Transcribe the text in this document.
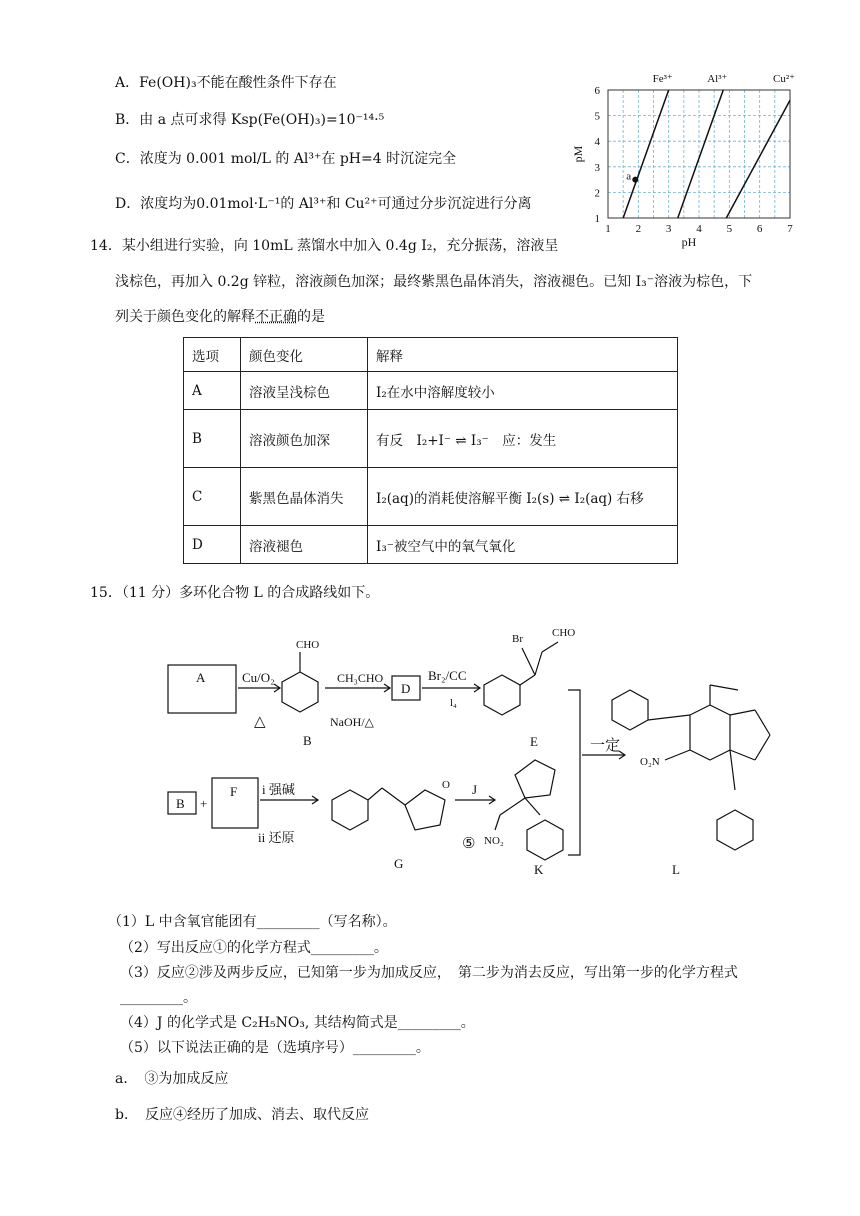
A．Fe(OH)₃不能在酸性条件下存在
B．由 a 点可求得 Ksp(Fe(OH)₃)=10⁻¹⁴·⁵
C．浓度为 0.001 mol/L 的 Al³⁺在 pH=4 时沉淀完全
D．浓度均为0.01mol·L⁻¹的 Al³⁺和 Cu²⁺可通过分步沉淀进行分离
1 2 3 4 5 6 7
1
2
3
4
5
6
pH
pM
Fe³⁺	Al³⁺	Cu²⁺
a
14．某小组进行实验，向 10mL 蒸馏水中加入 0.4g I₂，充分振荡，溶液呈
浅棕色，再加入 0.2g 锌粒，溶液颜色加深；最终紫黑色晶体消失，溶液褪色。已知 I₃⁻溶液为棕色，下
列关于颜色变化的解释不正确的是
选项	颜色变化	解释
A	溶液呈浅棕色	I₂在水中溶解度较小
B	溶液颜色加深	有反　I₂+I⁻ ⇌ I₃⁻　应：发生
C	紫黑色晶体消失	I₂(aq)的消耗使溶解平衡 I₂(s) ⇌ I₂(aq) 右移
D	溶液褪色	I₃⁻被空气中的氧气氧化
15．（11 分）多环化合物 L 的合成路线如下。
A	Cu/O₂
△
CHO
B
CH₃CHO
NaOH/△
D
Br₂/CC
l₄
Br	CHO
E
B +
F i 强碱
ii 还原
O
G
J
⑤ NO₂
K
一定
O₂N
L
（1）L 中含氧官能团有_________（写名称）。
（2）写出反应①的化学方程式_________。
（3）反应②涉及两步反应，已知第一步为加成反应，　第二步为消去反应，写出第一步的化学方程式
_________。
（4）J 的化学式是 C₂H₅NO₃, 其结构简式是_________。
（5）以下说法正确的是（选填序号）_________。
a．　③为加成反应
b．　反应④经历了加成、消去、取代反应
